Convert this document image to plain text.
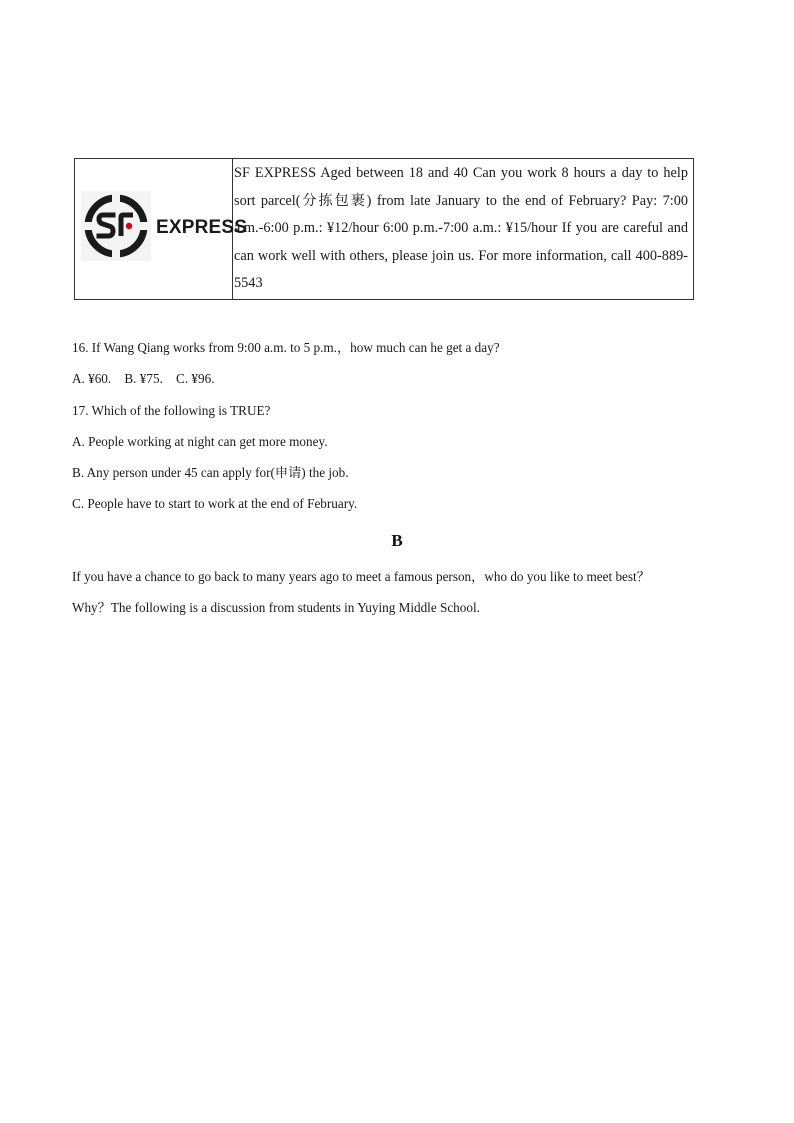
EXPRESS
SF EXPRESS Aged between 18 and 40 Can you work 8 hours a day to help sort parcel(分拣包裹) from late January to the end of February? Pay: 7:00 a.m.-6:00 p.m.: ¥12/hour 6:00 p.m.-7:00 a.m.: ¥15/hour If you are careful and can work well with others, please join us. For more information, call 400-889-5543
16. If Wang Qiang works from 9:00 a.m. to 5 p.m.，how much can he get a day?
A. ¥60.    B. ¥75.    C. ¥96.
17. Which of the following is TRUE?
A. People working at night can get more money.
B. Any person under 45 can apply for(申请) the job.
C. People have to start to work at the end of February.
B
If you have a chance to go back to many years ago to meet a famous person，who do you like to meet best？
Why？The following is a discussion from students in Yuying Middle School.
